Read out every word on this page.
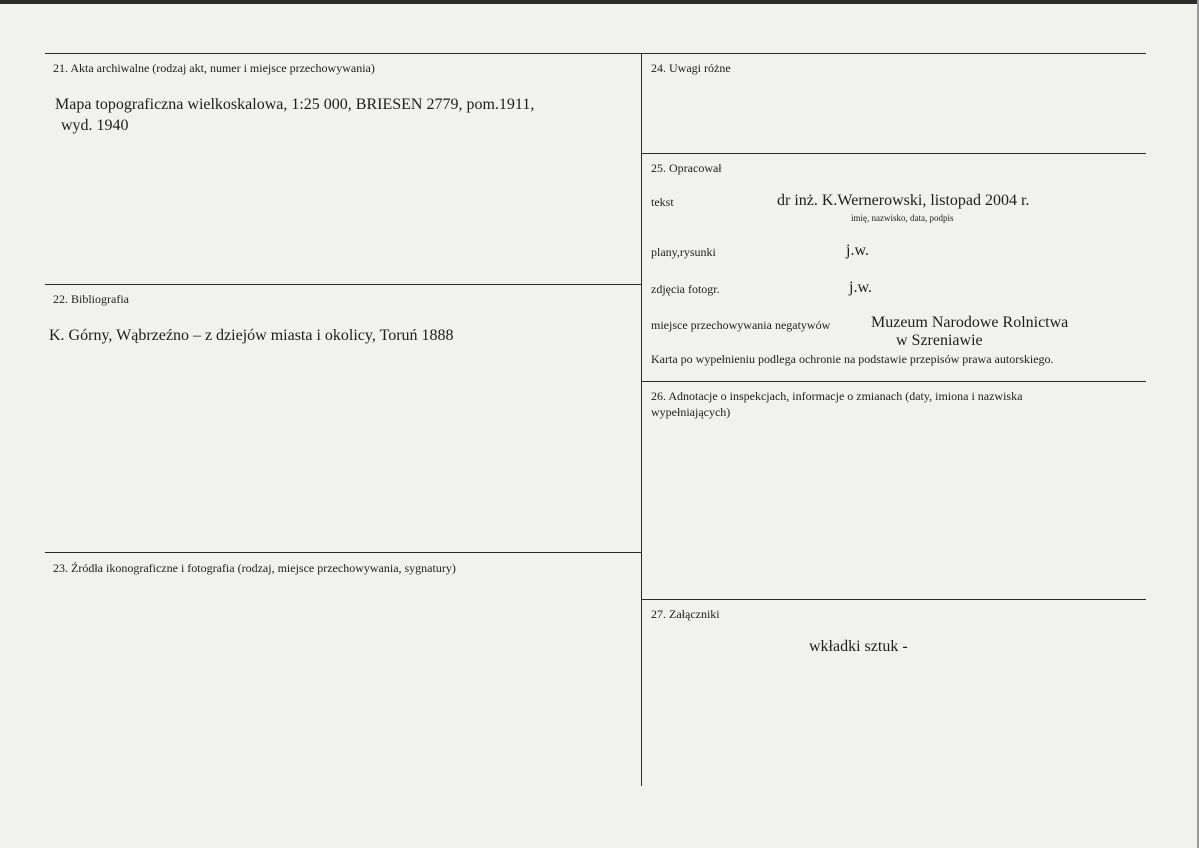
21. Akta archiwalne (rodzaj akt, numer i miejsce przechowywania)
Mapa topograficzna wielkoskalowa, 1:25 000, BRIESEN 2779, pom.1911,
wyd. 1940
22. Bibliografia
K. Górny, Wąbrzeźno – z dziejów miasta i okolicy, Toruń 1888
23. Źródła ikonograficzne i fotografia (rodzaj, miejsce przechowywania, sygnatury)
24. Uwagi różne
25. Opracował
tekst	dr inż. K.Wernerowski, listopad 2004 r.
imię, nazwisko, data, podpis
plany,rysunki	j.w.
zdjęcia fotogr.	j.w.
miejsce przechowywania negatywów	Muzeum Narodowe Rolnictwa
w Szreniawie
Karta po wypełnieniu podlega ochronie na podstawie przepisów prawa autorskiego.
26. Adnotacje o inspekcjach, informacje o zmianach (daty, imiona i nazwiska
wypełniających)
27. Załączniki
wkładki sztuk -
